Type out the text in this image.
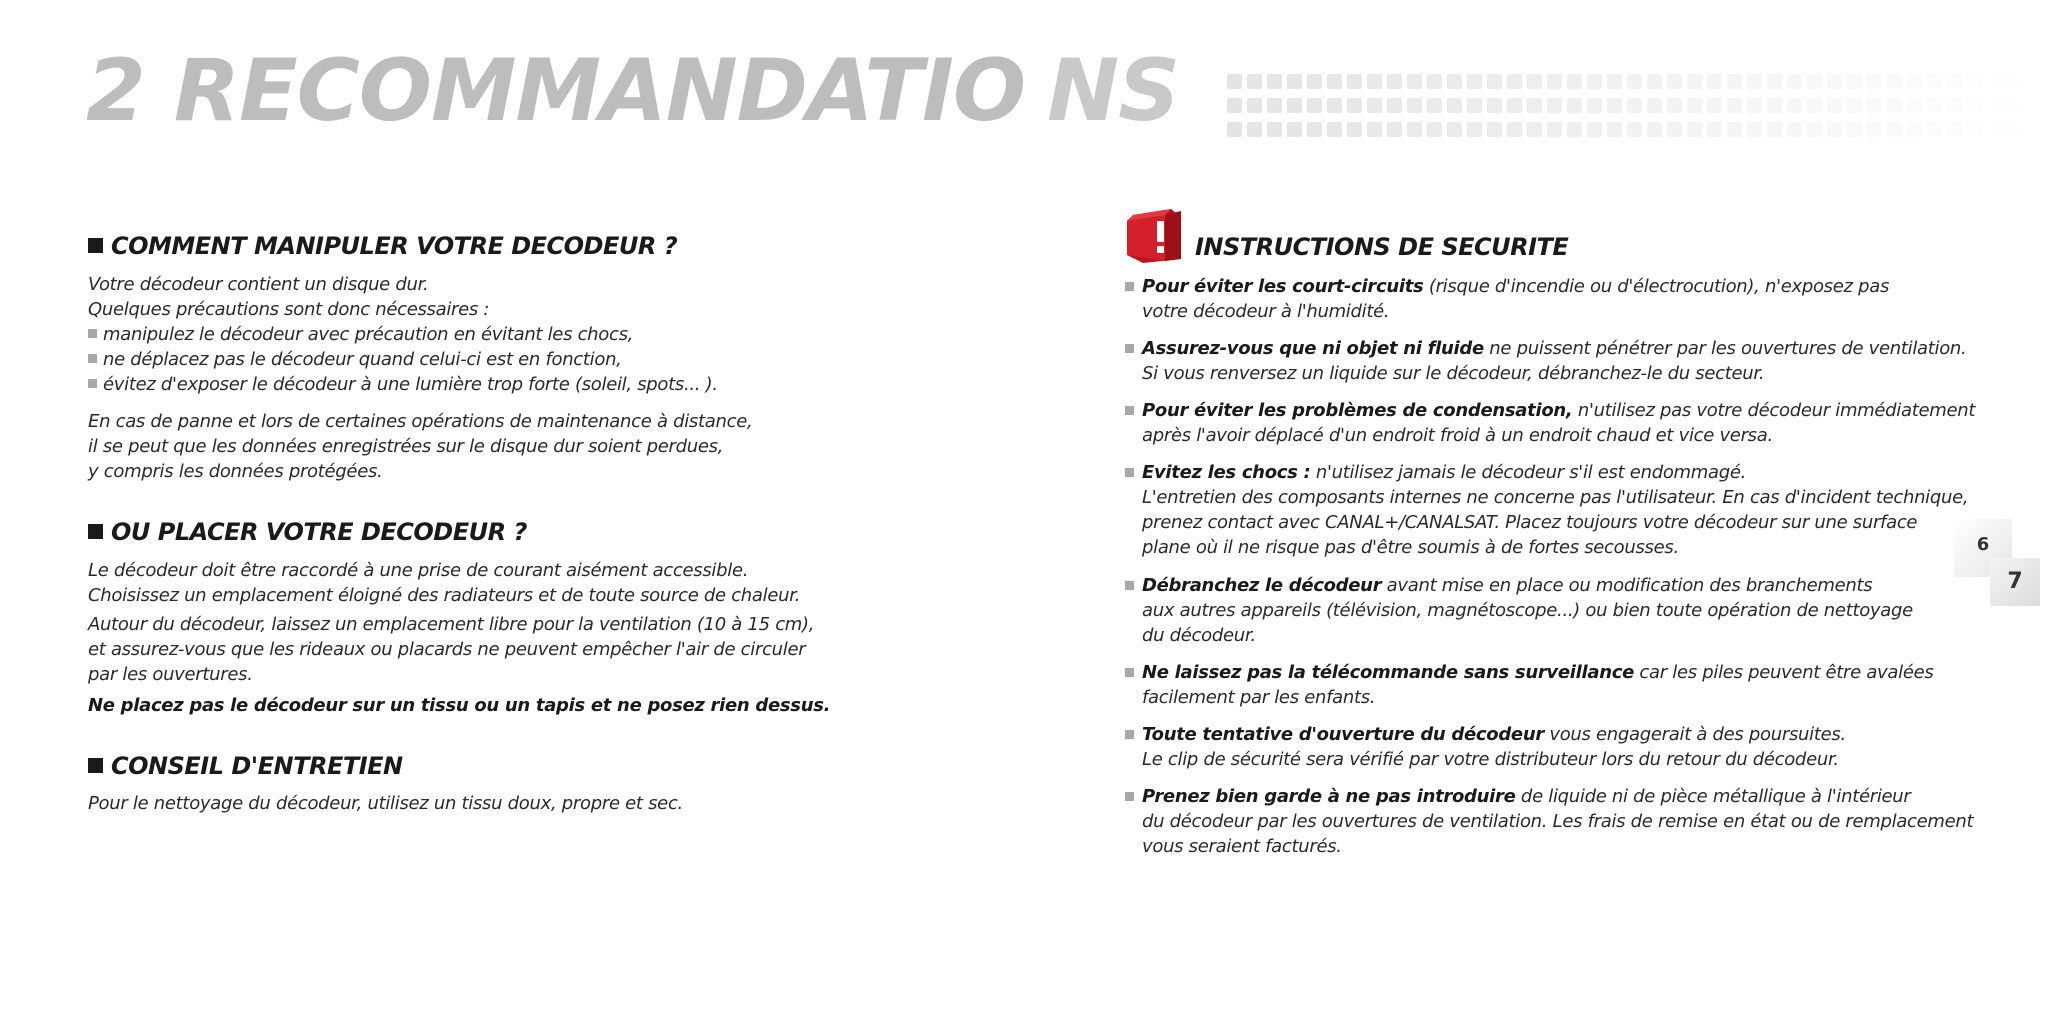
2 RECOMMANDATIO NS
COMMENT MANIPULER VOTRE DECODEUR ?

Votre décodeur contient un disque dur.
Quelques précautions sont donc nécessaires :
manipulez le décodeur avec précaution en évitant les chocs,
ne déplacez pas le décodeur quand celui-ci est en fonction,
évitez d'exposer le décodeur à une lumière trop forte (soleil, spots... ).

En cas de panne et lors de certaines opérations de maintenance à distance,
il se peut que les données enregistrées sur le disque dur soient perdues,
y compris les données protégées.

OU PLACER VOTRE DECODEUR ?

Le décodeur doit être raccordé à une prise de courant aisément accessible.
Choisissez un emplacement éloigné des radiateurs et de toute source de chaleur.

Autour du décodeur, laissez un emplacement libre pour la ventilation (10 à 15 cm),
et assurez-vous que les rideaux ou placards ne peuvent empêcher l'air de circuler
par les ouvertures.

Ne placez pas le décodeur sur un tissu ou un tapis et ne posez rien dessus.

CONSEIL D'ENTRETIEN

Pour le nettoyage du décodeur, utilisez un tissu doux, propre et sec.

INSTRUCTIONS DE SECURITE

Pour éviter les court-circuits (risque d'incendie ou d'électrocution), n'exposez pas
votre décodeur à l'humidité.

Assurez-vous que ni objet ni fluide ne puissent pénétrer par les ouvertures de ventilation.
Si vous renversez un liquide sur le décodeur, débranchez-le du secteur.

Pour éviter les problèmes de condensation, n'utilisez pas votre décodeur immédiatement
après l'avoir déplacé d'un endroit froid à un endroit chaud et vice versa.

Evitez les chocs : n'utilisez jamais le décodeur s'il est endommagé.
L'entretien des composants internes ne concerne pas l'utilisateur. En cas d'incident technique,
prenez contact avec CANAL+/CANALSAT. Placez toujours votre décodeur sur une surface
plane où il ne risque pas d'être soumis à de fortes secousses.

Débranchez le décodeur avant mise en place ou modification des branchements
aux autres appareils (télévision, magnétoscope...) ou bien toute opération de nettoyage
du décodeur.

Ne laissez pas la télécommande sans surveillance car les piles peuvent être avalées
facilement par les enfants.

Toute tentative d'ouverture du décodeur vous engagerait à des poursuites.
Le clip de sécurité sera vérifié par votre distributeur lors du retour du décodeur.

Prenez bien garde à ne pas introduire de liquide ni de pièce métallique à l'intérieur
du décodeur par les ouvertures de ventilation. Les frais de remise en état ou de remplacement
vous seraient facturés.

6
7
